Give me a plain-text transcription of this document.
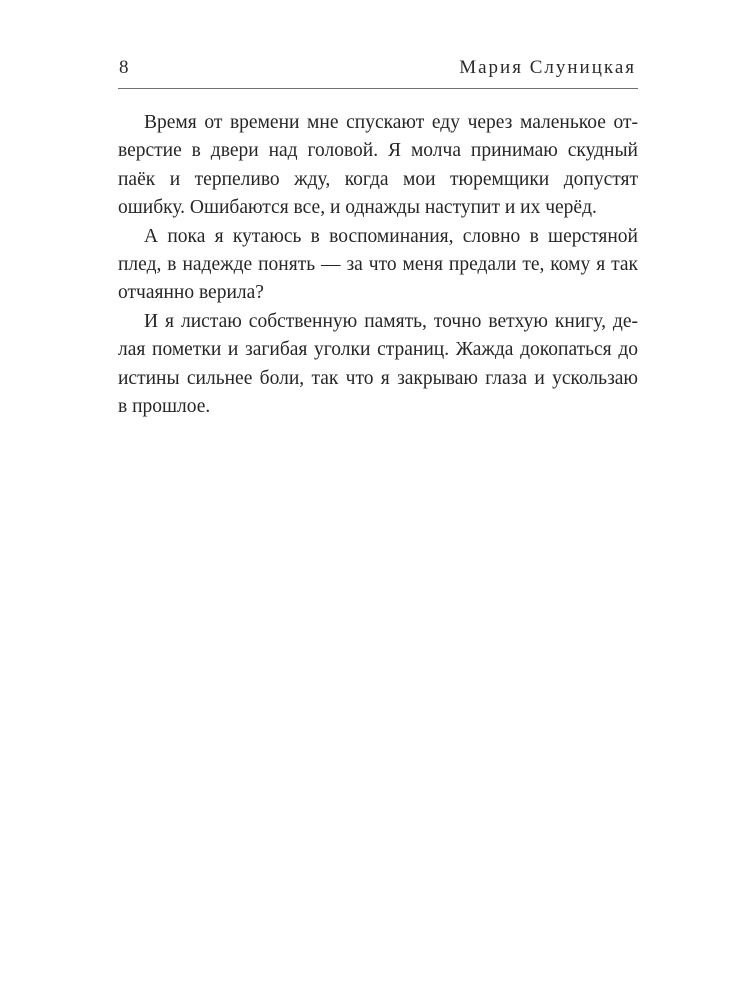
8	Мария Слуницкая

Время от времени мне спускают еду через маленькое от-
верстие в двери над головой. Я молча принимаю скудный
паёк и терпеливо жду, когда мои тюремщики допустят
ошибку. Ошибаются все, и однажды наступит и их черёд.

А пока я кутаюсь в воспоминания, словно в шерстяной
плед, в надежде понять — за что меня предали те, кому я так
отчаянно верила?

И я листаю собственную память, точно ветхую книгу, де-
лая пометки и загибая уголки страниц. Жажда докопаться до
истины сильнее боли, так что я закрываю глаза и ускользаю
в прошлое.
